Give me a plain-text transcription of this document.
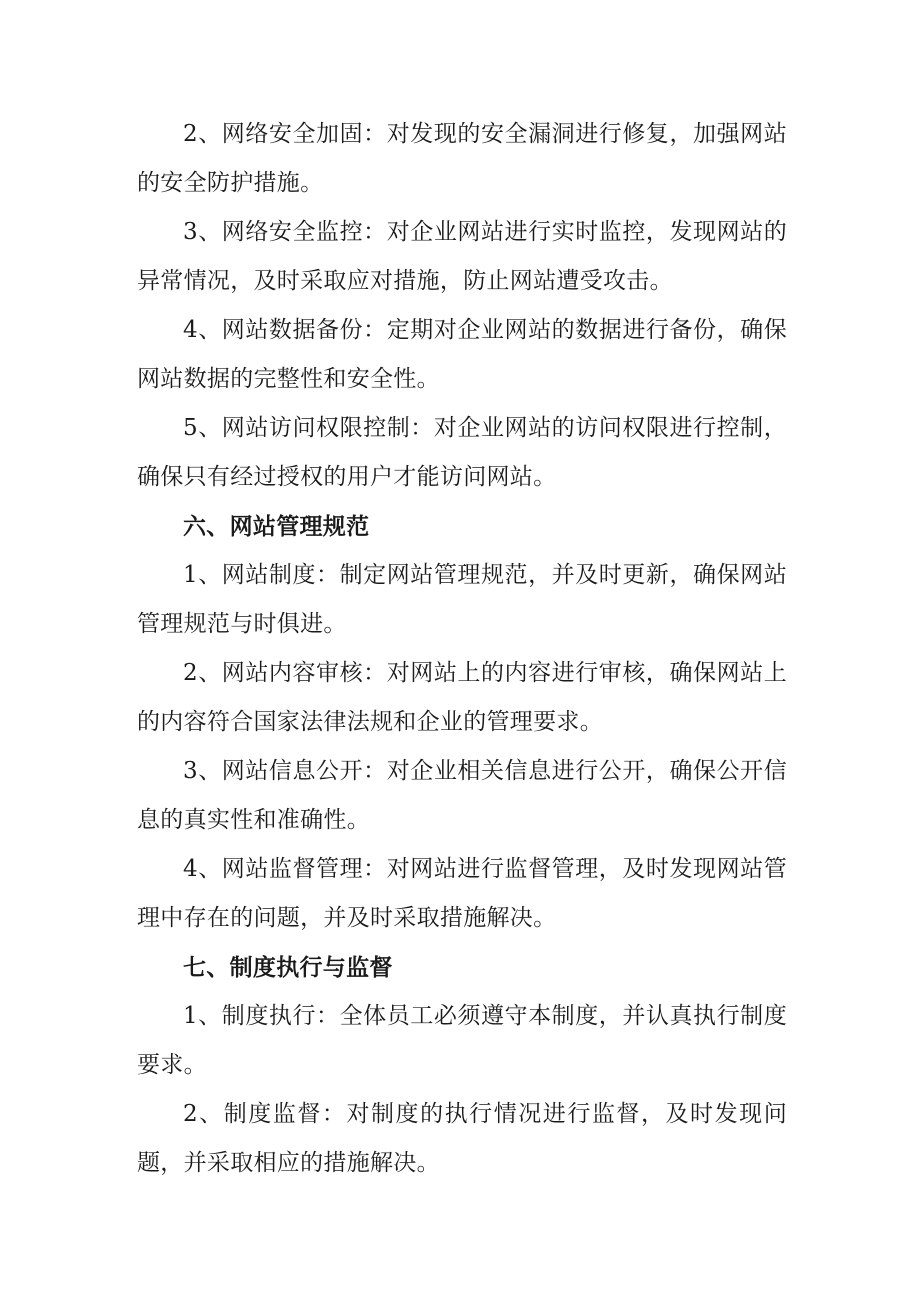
2、网络安全加固：对发现的安全漏洞进行修复，加强网站的安全防护措施。

3、网络安全监控：对企业网站进行实时监控，发现网站的异常情况，及时采取应对措施，防止网站遭受攻击。

4、网站数据备份：定期对企业网站的数据进行备份，确保网站数据的完整性和安全性。

5、网站访问权限控制：对企业网站的访问权限进行控制，确保只有经过授权的用户才能访问网站。

六、网站管理规范

1、网站制度：制定网站管理规范，并及时更新，确保网站管理规范与时俱进。

2、网站内容审核：对网站上的内容进行审核，确保网站上的内容符合国家法律法规和企业的管理要求。

3、网站信息公开：对企业相关信息进行公开，确保公开信息的真实性和准确性。

4、网站监督管理：对网站进行监督管理，及时发现网站管理中存在的问题，并及时采取措施解决。

七、制度执行与监督

1、制度执行：全体员工必须遵守本制度，并认真执行制度要求。

2、制度监督：对制度的执行情况进行监督，及时发现问题，并采取相应的措施解决。
